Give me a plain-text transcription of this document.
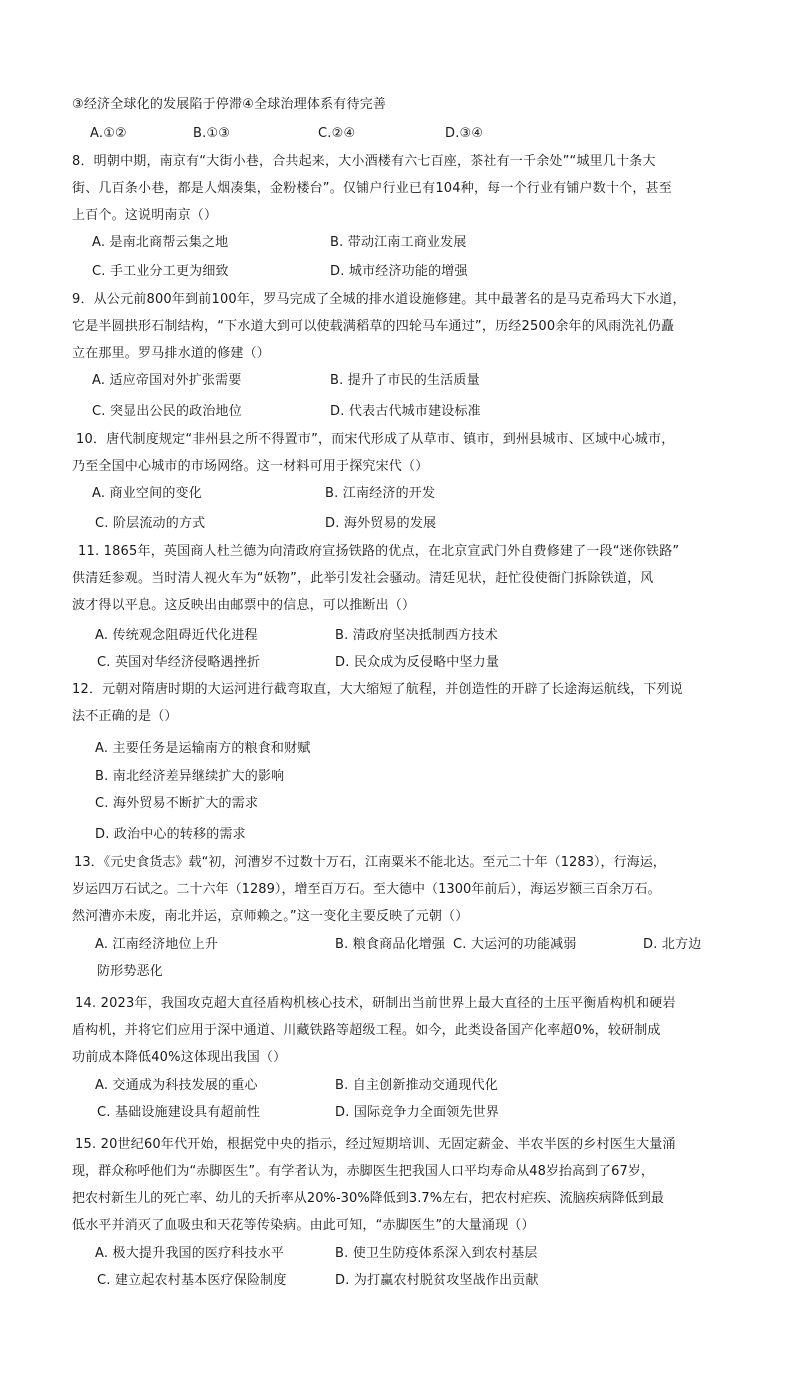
③经济全球化的发展陷于停滞④全球治理体系有待完善
A.①②	B.①③	C.②④	D.③④
8．明朝中期，南京有“大街小巷，合共起来，大小酒楼有六七百座，茶社有一千余处”“城里几十条大
街、几百条小巷，都是人烟凑集，金粉楼台”。仅铺户行业已有104种，每一个行业有铺户数十个，甚至
上百个。这说明南京（）
A. 是南北商帮云集之地	B. 带动江南工商业发展
C. 手工业分工更为细致	D. 城市经济功能的增强
9．从公元前800年到前100年，罗马完成了全城的排水道设施修建。其中最著名的是马克希玛大下水道，
它是半圆拱形石制结构，“下水道大到可以使载满稻草的四轮马车通过”，历经2500余年的风雨洗礼仍矗
立在那里。罗马排水道的修建（）
A. 适应帝国对外扩张需要	B. 提升了市民的生活质量
C. 突显出公民的政治地位	D. 代表古代城市建设标准
10．唐代制度规定“非州县之所不得置市”，而宋代形成了从草市、镇市，到州县城市、区域中心城市，
乃至全国中心城市的市场网络。这一材料可用于探究宋代（）
A. 商业空间的变化	B. 江南经济的开发
C. 阶层流动的方式	D. 海外贸易的发展
11. 1865年，英国商人杜兰德为向清政府宣扬铁路的优点，在北京宣武门外自费修建了一段“迷你铁路”
供清廷参观。当时清人视火车为“妖物”，此举引发社会骚动。清廷见状，赶忙役使衙门拆除铁道，风
波才得以平息。这反映出由邮票中的信息，可以推断出（）
A. 传统观念阻碍近代化进程	B. 清政府坚决抵制西方技术
C. 英国对华经济侵略遇挫折	D. 民众成为反侵略中坚力量
12．元朝对隋唐时期的大运河进行截弯取直，大大缩短了航程，并创造性的开辟了长途海运航线，下列说
法不正确的是（）
A. 主要任务是运输南方的粮食和财赋
B. 南北经济差异继续扩大的影响
C. 海外贸易不断扩大的需求
D. 政治中心的转移的需求
13．《元史食货志》载“初，河漕岁不过数十万石，江南粟米不能北达。至元二十年（1283），行海运，
岁运四万石试之。二十六年（1289），增至百万石。至大德中（1300年前后），海运岁额三百余万石。
然河漕亦未废，南北并运，京师赖之。”这一变化主要反映了元朝（）
A. 江南经济地位上升	B. 粮食商品化增强 C. 大运河的功能减弱	D. 北方边
防形势恶化
14. 2023年，我国攻克超大直径盾构机核心技术，研制出当前世界上最大直径的土压平衡盾构机和硬岩
盾构机，并将它们应用于深中通道、川藏铁路等超级工程。如今，此类设备国产化率超0%，较研制成
功前成本降低40%这体现出我国（）
A. 交通成为科技发展的重心	B. 自主创新推动交通现代化
C. 基础设施建设具有超前性	D. 国际竞争力全面领先世界
15. 20世纪60年代开始，根据党中央的指示，经过短期培训、无固定薪金、半农半医的乡村医生大量涌
现，群众称呼他们为“赤脚医生”。有学者认为，赤脚医生把我国人口平均寿命从48岁抬高到了67岁，
把农村新生儿的死亡率、幼儿的夭折率从20%-30%降低到3.7%左右，把农村疟疾、流脑疾病降低到最
低水平并消灭了血吸虫和天花等传染病。由此可知，“赤脚医生”的大量涌现（）
A. 极大提升我国的医疗科技水平	B. 使卫生防疫体系深入到农村基层
C. 建立起农村基本医疗保险制度	D. 为打赢农村脱贫攻坚战作出贡献
